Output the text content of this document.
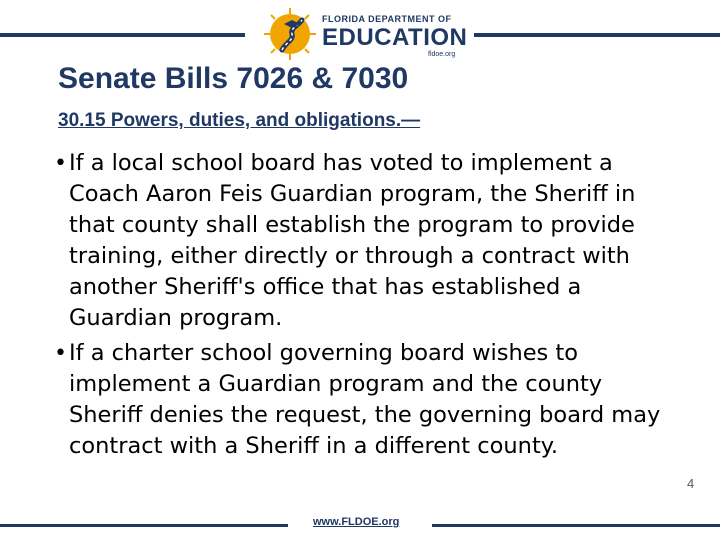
FLORIDA DEPARTMENT OF
EDUCATION
fldoe.org
Senate Bills 7026 & 7030
30.15 Powers, duties, and obligations.—
• If a local school board has voted to implement a Coach Aaron Feis Guardian program, the Sheriff in that county shall establish the program to provide training, either directly or through a contract with another Sheriff's office that has established a Guardian program.
• If a charter school governing board wishes to implement a Guardian program and the county Sheriff denies the request, the governing board may contract with a Sheriff in a different county.
www.FLDOE.org
4
